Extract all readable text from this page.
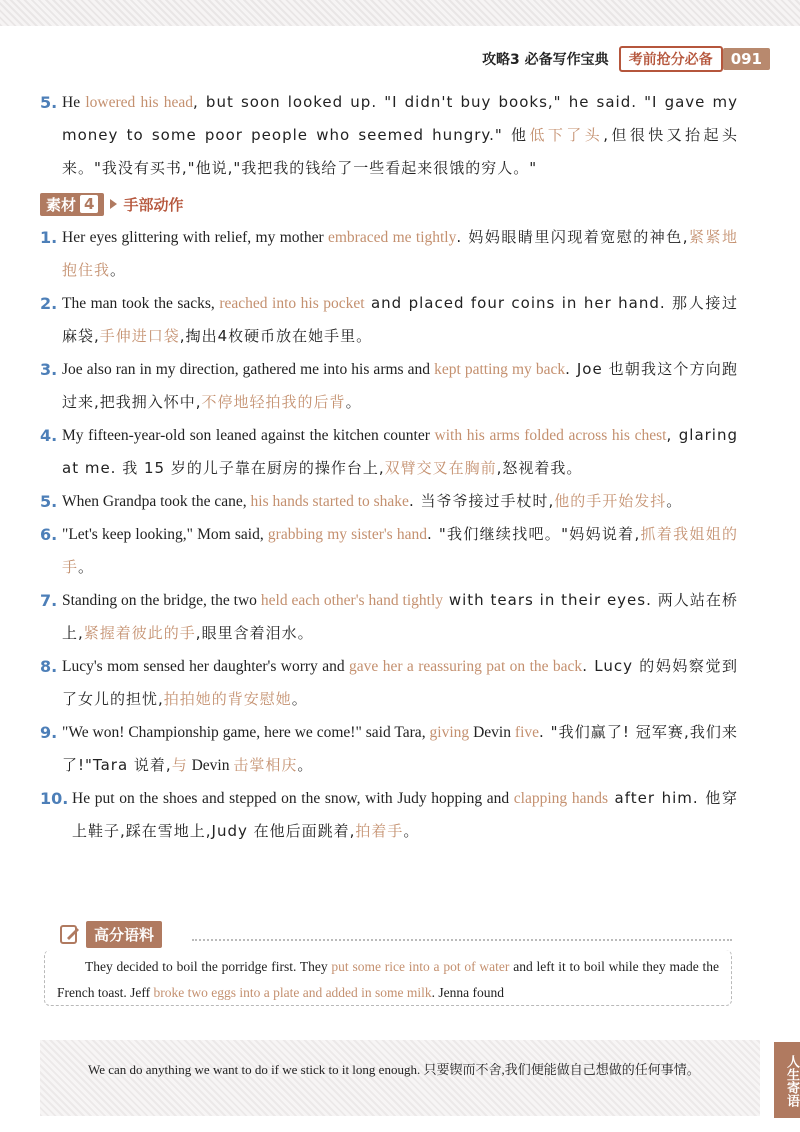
攻略3 必备写作宝典	考前抢分必备	091
5. He lowered his head, but soon looked up. "I didn't buy books," he said. "I gave my money to some poor people who seemed hungry." 他低下了头,但很快又抬起头来。"我没有买书,"他说,"我把我的钱给了一些看起来很饿的穷人。"
素材 4 手部动作
1. Her eyes glittering with relief, my mother embraced me tightly. 妈妈眼睛里闪现着宽慰的神色,紧紧地抱住我。
2. The man took the sacks, reached into his pocket and placed four coins in her hand. 那人接过麻袋,手伸进口袋,掏出4枚硬币放在她手里。
3. Joe also ran in my direction, gathered me into his arms and kept patting my back. Joe 也朝我这个方向跑过来,把我拥入怀中,不停地轻拍我的后背。
4. My fifteen-year-old son leaned against the kitchen counter with his arms folded across his chest, glaring at me. 我 15 岁的儿子靠在厨房的操作台上,双臂交叉在胸前,怒视着我。
5. When Grandpa took the cane, his hands started to shake. 当爷爷接过手杖时,他的手开始发抖。
6. "Let's keep looking," Mom said, grabbing my sister's hand. "我们继续找吧。"妈妈说着,抓着我姐姐的手。
7. Standing on the bridge, the two held each other's hand tightly with tears in their eyes. 两人站在桥上,紧握着彼此的手,眼里含着泪水。
8. Lucy's mom sensed her daughter's worry and gave her a reassuring pat on the back. Lucy 的妈妈察觉到了女儿的担忧,拍拍她的背安慰她。
9. "We won! Championship game, here we come!" said Tara, giving Devin five. "我们赢了! 冠军赛,我们来了!"Tara 说着,与 Devin 击掌相庆。
10. He put on the shoes and stepped on the snow, with Judy hopping and clapping hands after him. 他穿上鞋子,踩在雪地上,Judy 在他后面跳着,拍着手。
高分语料
They decided to boil the porridge first. They put some rice into a pot of water and left it to boil while they made the French toast. Jeff broke two eggs into a plate and added in some milk. Jenna found
We can do anything we want to do if we stick to it long enough. 只要锲而不舍,我们便能做自己想做的任何事情。	人生寄语
